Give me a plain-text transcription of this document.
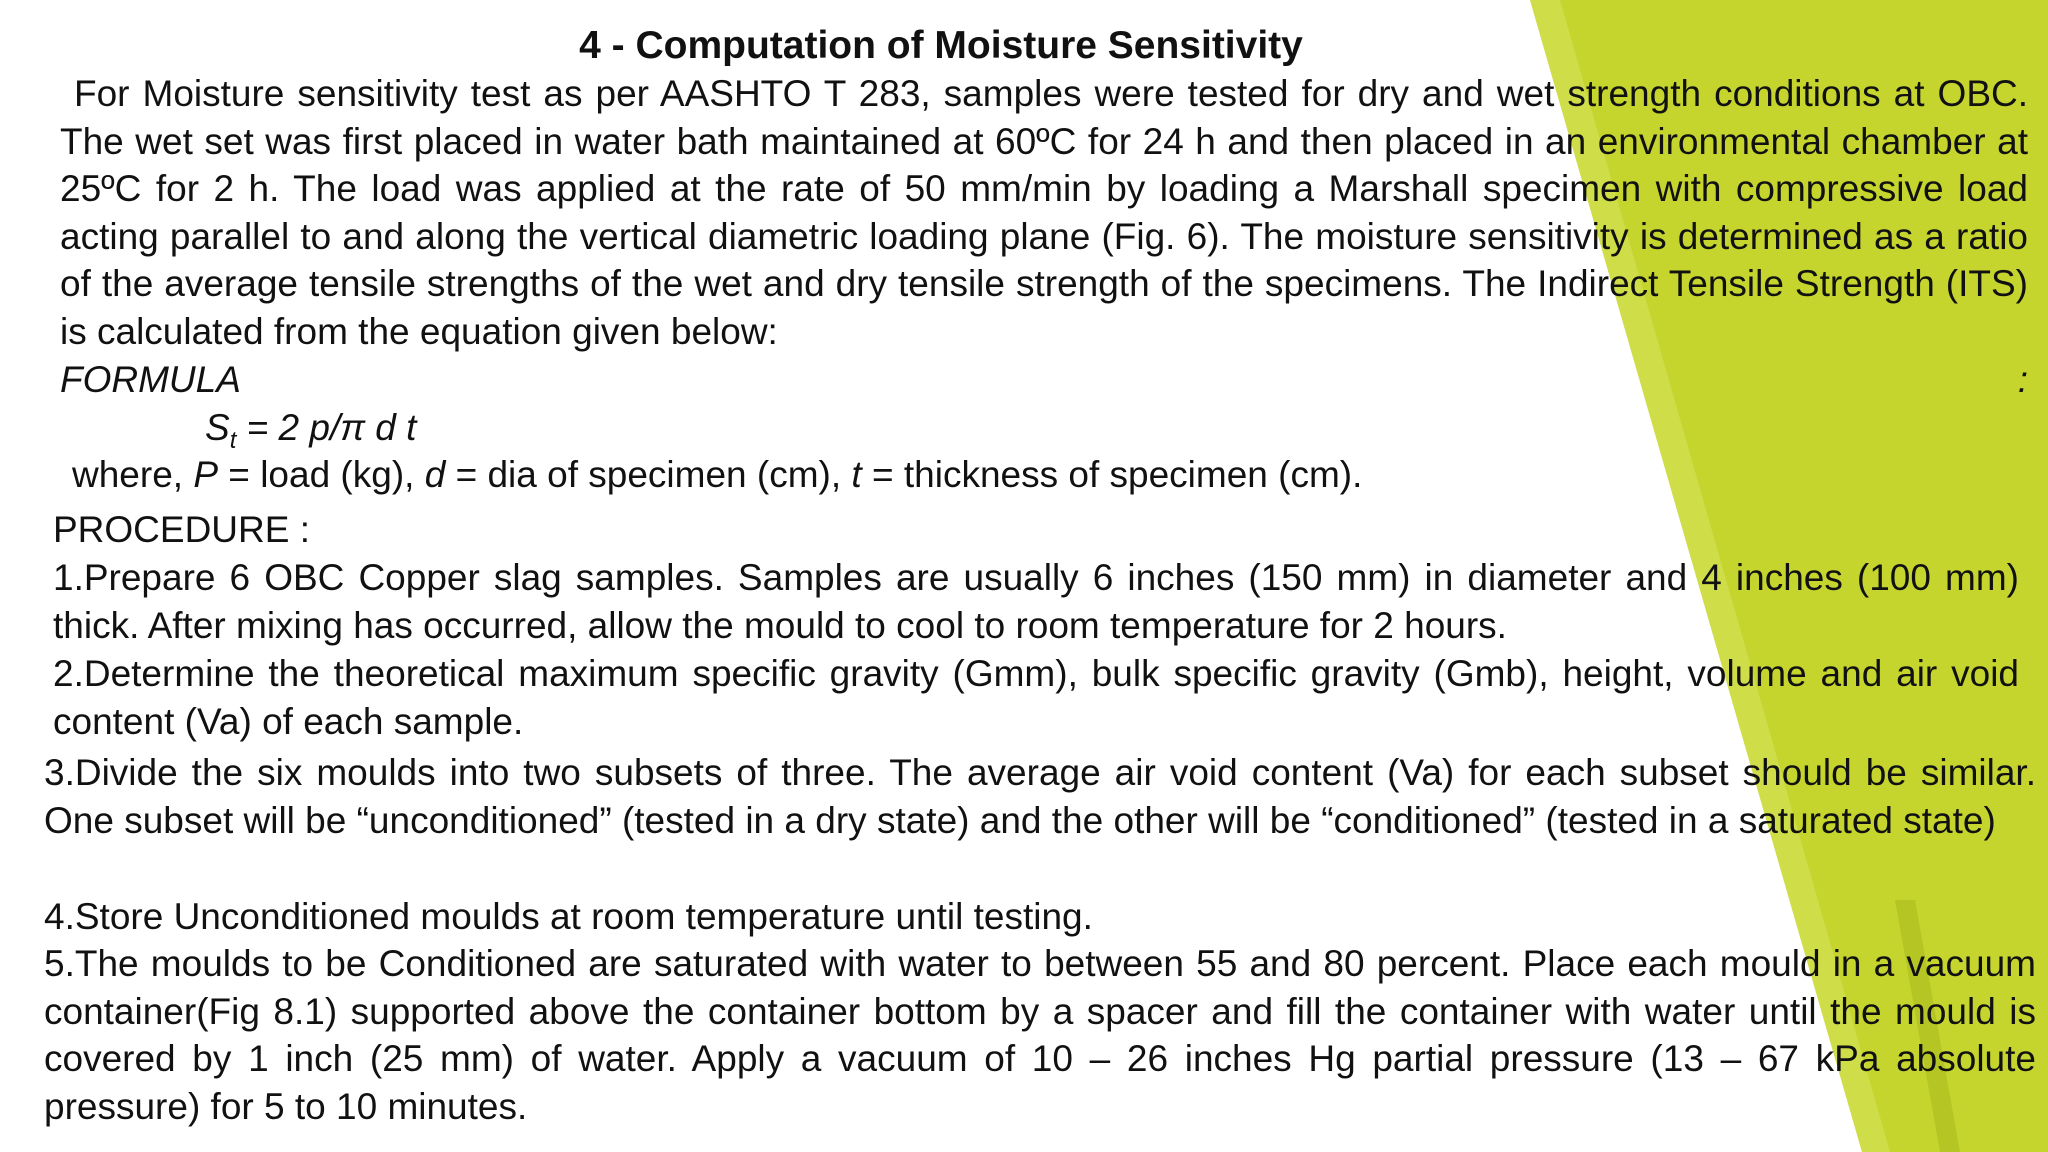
4 - Computation of Moisture Sensitivity

For Moisture sensitivity test as per AASHTO T 283, samples were tested for dry and wet strength conditions at OBC. The wet set was first placed in water bath maintained at 60ºC for 24 h and then placed in an environmental chamber at 25ºC for 2 h. The load was applied at the rate of 50 mm/min by loading a Marshall specimen with compressive load acting parallel to and along the vertical diametric loading plane (Fig. 6). The moisture sensitivity is determined as a ratio of the average tensile strengths of the wet and dry tensile strength of the specimens. The Indirect Tensile Strength (ITS) is calculated from the equation given below:

FORMULA	:
$S_t = 2$ p/π d t
where, P = load (kg), d = dia of specimen (cm), t = thickness of specimen (cm).
PROCEDURE :

1.Prepare 6 OBC Copper slag samples. Samples are usually 6 inches (150 mm) in diameter and 4 inches (100 mm) thick. After mixing has occurred, allow the mould to cool to room temperature for 2 hours.

2.Determine the theoretical maximum specific gravity (Gmm), bulk specific gravity (Gmb), height, volume and air void content (Va) of each sample.

3.Divide the six moulds into two subsets of three. The average air void content (Va) for each subset should be similar. One subset will be “unconditioned” (tested in a dry state) and the other will be “conditioned” (tested in a saturated state)

4.Store Unconditioned moulds at room temperature until testing.

5.The moulds to be Conditioned are saturated with water to between 55 and 80 percent. Place each mould in a vacuum container(Fig 8.1) supported above the container bottom by a spacer and fill the container with water until the mould is covered by 1 inch (25 mm) of water. Apply a vacuum of 10 – 26 inches Hg partial pressure (13 – 67 kPa absolute pressure) for 5 to 10 minutes.
